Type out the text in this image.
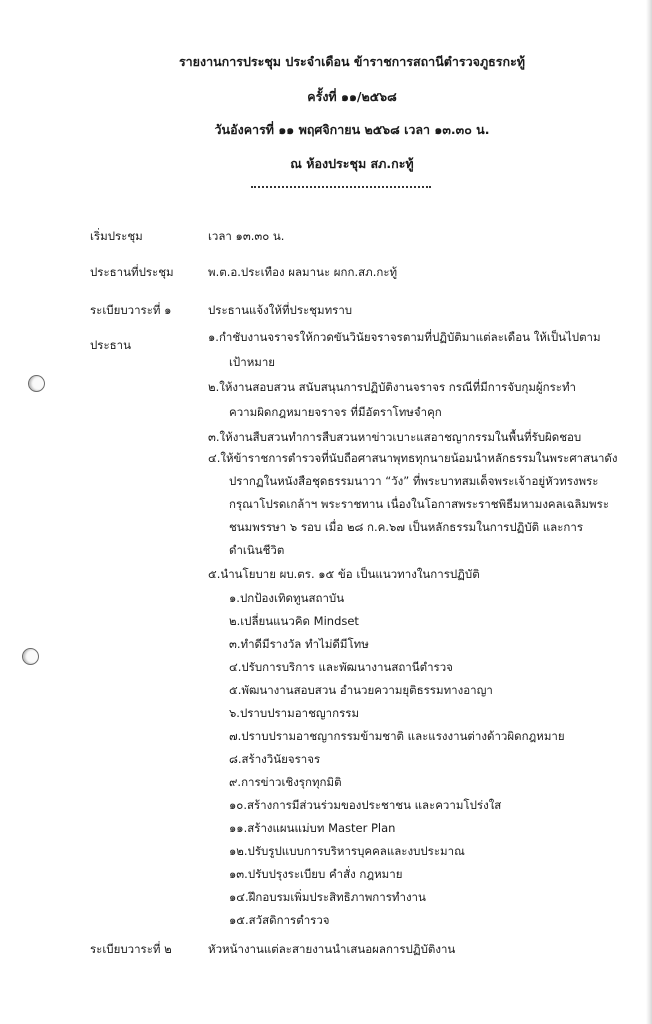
รายงานการประชุม ประจำเดือน ข้าราชการสถานีตำรวจภูธรกะทู้
ครั้งที่ ๑๑/๒๕๖๘
วันอังคารที่ ๑๑ พฤศจิกายน ๒๕๖๘ เวลา ๑๓.๓๐ น.
ณ ห้องประชุม สภ.กะทู้
เริ่มประชุม	เวลา ๑๓.๓๐ น.
ประธานที่ประชุม	พ.ต.อ.ประเทือง ผลมานะ ผกก.สภ.กะทู้
ระเบียบวาระที่ ๑	ประธานแจ้งให้ที่ประชุมทราบ
ประธาน
๑.กำชับงานจราจรให้กวดขันวินัยจราจรตามที่ปฏิบัติมาแต่ละเดือน ให้เป็นไปตาม
เป้าหมาย
๒.ให้งานสอบสวน สนับสนุนการปฏิบัติงานจราจร กรณีที่มีการจับกุมผู้กระทำ
ความผิดกฎหมายจราจร ที่มีอัตราโทษจำคุก
๓.ให้งานสืบสวนทำการสืบสวนหาข่าวเบาะแสอาชญากรรมในพื้นที่รับผิดชอบ
๔.ให้ข้าราชการตำรวจที่นับถือศาสนาพุทธทุกนายน้อมนำหลักธรรมในพระศาสนาดัง
ปรากฏในหนังสือชุดธรรมนาวา “วัง” ที่พระบาทสมเด็จพระเจ้าอยู่หัวทรงพระ
กรุณาโปรดเกล้าฯ พระราชทาน เนื่องในโอกาสพระราชพิธีมหามงคลเฉลิมพระ
ชนมพรรษา ๖ รอบ เมื่อ ๒๘ ก.ค.๖๗ เป็นหลักธรรมในการปฏิบัติ และการ
ดำเนินชีวิต
๕.นำนโยบาย ผบ.ตร. ๑๕ ข้อ เป็นแนวทางในการปฏิบัติ
๑.ปกป้องเทิดทูนสถาบัน
๒.เปลี่ยนแนวคิด Mindset
๓.ทำดีมีรางวัล ทำไม่ดีมีโทษ
๔.ปรับการบริการ และพัฒนางานสถานีตำรวจ
๕.พัฒนางานสอบสวน อำนวยความยุติธรรมทางอาญา
๖.ปราบปรามอาชญากรรม
๗.ปราบปรามอาชญากรรมข้ามชาติ และแรงงานต่างด้าวผิดกฎหมาย
๘.สร้างวินัยจราจร
๙.การข่าวเชิงรุกทุกมิติ
๑๐.สร้างการมีส่วนร่วมของประชาชน และความโปร่งใส
๑๑.สร้างแผนแม่บท Master Plan
๑๒.ปรับรูปแบบการบริหารบุคคลและงบประมาณ
๑๓.ปรับปรุงระเบียบ คำสั่ง กฎหมาย
๑๔.ฝึกอบรมเพิ่มประสิทธิภาพการทำงาน
๑๕.สวัสดิการตำรวจ
ระเบียบวาระที่ ๒	หัวหน้างานแต่ละสายงานนำเสนอผลการปฏิบัติงาน
